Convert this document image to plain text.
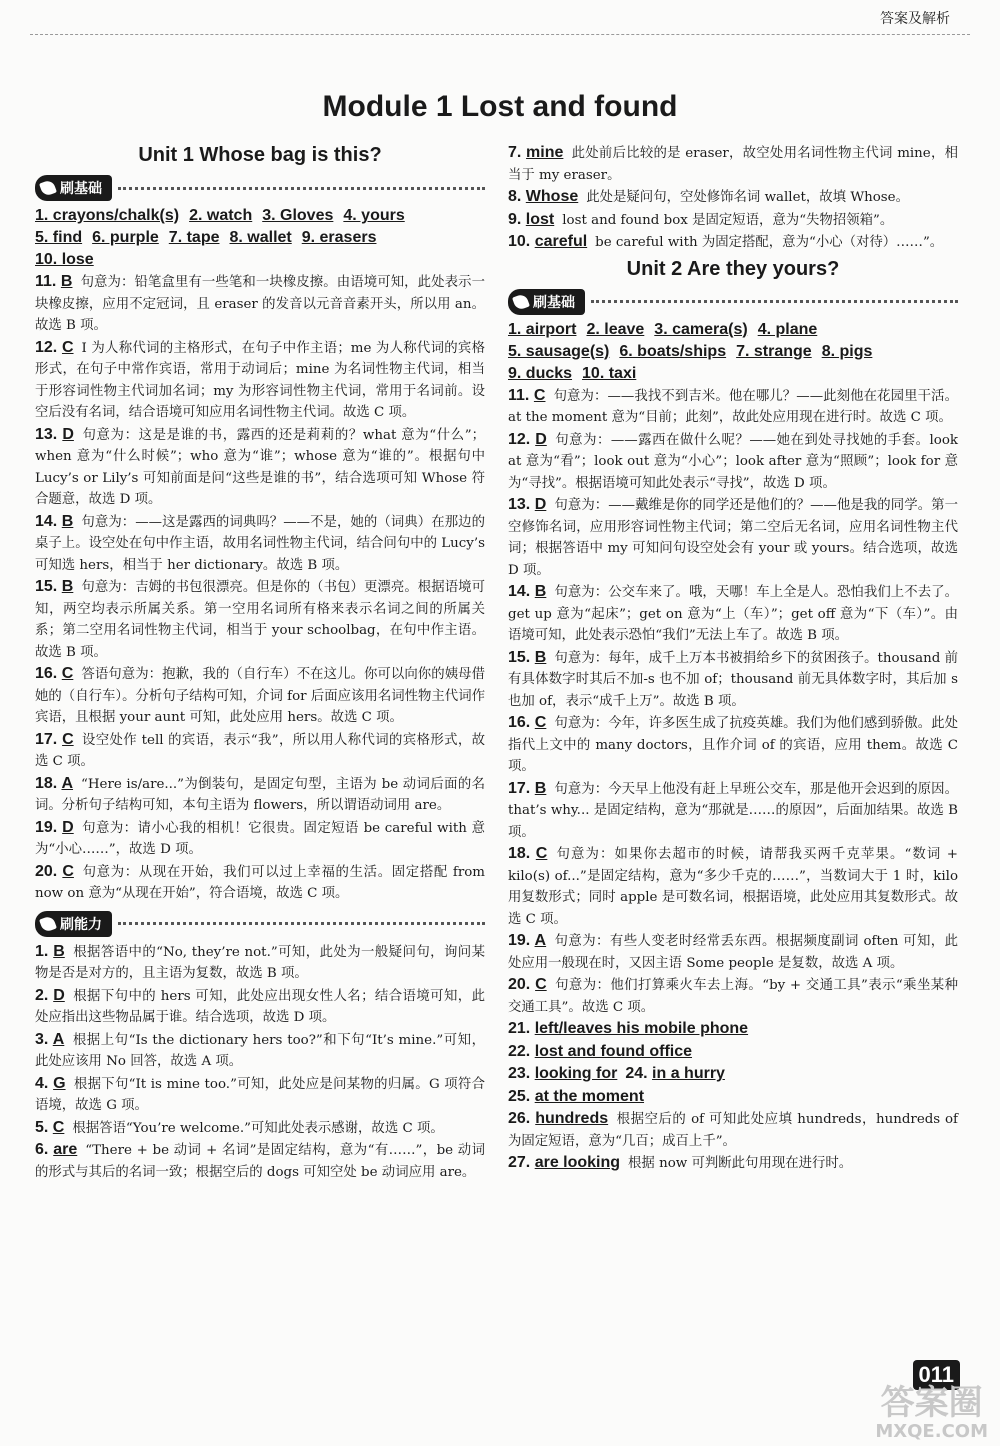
答案及解析
Module 1 Lost and found
Unit 1 Whose bag is this?
刷基础
1. crayons/chalk(s) 2. watch 3. Gloves 4. yours
5. find 6. purple 7. tape 8. wallet 9. erasers
10. lose
11. B 句意为：铅笔盒里有一些笔和一块橡皮擦。由语境可知，此处表示一块橡皮擦，应用不定冠词，且 eraser 的发音以元音音素开头，所以用 an。故选 B 项。
12. C I 为人称代词的主格形式，在句子中作主语；me 为人称代词的宾格形式，在句子中常作宾语，常用于动词后；mine 为名词性物主代词，相当于形容词性物主代词加名词；my 为形容词性物主代词，常用于名词前。设空后没有名词，结合语境可知应用名词性物主代词。故选 C 项。
13. D 句意为：这是是谁的书，露西的还是莉莉的？what 意为“什么”；when 意为“什么时候”；who 意为“谁”；whose 意为“谁的”。根据句中 Lucy’s or Lily’s 可知前面是问“这些是谁的书”，结合选项可知 Whose 符合题意，故选 D 项。
14. B 句意为：——这是露西的词典吗？——不是，她的（词典）在那边的桌子上。设空处在句中作主语，故用名词性物主代词，结合问句中的 Lucy’s 可知选 hers，相当于 her dictionary。故选 B 项。
15. B 句意为：吉姆的书包很漂亮。但是你的（书包）更漂亮。根据语境可知，两空均表示所属关系。第一空用名词所有格来表示名词之间的所属关系；第二空用名词性物主代词，相当于 your schoolbag，在句中作主语。故选 B 项。
16. C 答语句意为：抱歉，我的（自行车）不在这儿。你可以向你的姨母借她的（自行车）。分析句子结构可知，介词 for 后面应该用名词性物主代词作宾语，且根据 your aunt 可知，此处应用 hers。故选 C 项。
17. C 设空处作 tell 的宾语，表示“我”，所以用人称代词的宾格形式，故选 C 项。
18. A “Here is/are...”为倒装句，是固定句型，主语为 be 动词后面的名词。分析句子结构可知，本句主语为 flowers，所以谓语动词用 are。
19. D 句意为：请小心我的相机！它很贵。固定短语 be careful with 意为“小心……”，故选 D 项。
20. C 句意为：从现在开始，我们可以过上幸福的生活。固定搭配 from now on 意为“从现在开始”，符合语境，故选 C 项。
刷能力
1. B 根据答语中的“No, they’re not.”可知，此处为一般疑问句，询问某物是否是对方的，且主语为复数，故选 B 项。
2. D 根据下句中的 hers 可知，此处应出现女性人名；结合语境可知，此处应指出这些物品属于谁。结合选项，故选 D 项。
3. A 根据上句“Is the dictionary hers too?”和下句“It’s mine.”可知，此处应该用 No 回答，故选 A 项。
4. G 根据下句“It is mine too.”可知，此处应是问某物的归属。G 项符合语境，故选 G 项。
5. C 根据答语“You’re welcome.”可知此处表示感谢，故选 C 项。
6. are “There + be 动词 + 名词”是固定结构，意为“有……”，be 动词的形式与其后的名词一致；根据空后的 dogs 可知空处 be 动词应用 are。
7. mine 此处前后比较的是 eraser，故空处用名词性物主代词 mine，相当于 my eraser。
8. Whose 此处是疑问句，空处修饰名词 wallet，故填 Whose。
9. lost lost and found box 是固定短语，意为“失物招领箱”。
10. careful be careful with 为固定搭配，意为“小心（对待）……”。
Unit 2 Are they yours?
刷基础
1. airport 2. leave 3. camera(s) 4. plane
5. sausage(s) 6. boats/ships 7. strange 8. pigs
9. ducks 10. taxi
11. C 句意为：——我找不到吉米。他在哪儿？——此刻他在花园里干活。at the moment 意为“目前；此刻”，故此处应用现在进行时。故选 C 项。
12. D 句意为：——露西在做什么呢？——她在到处寻找她的手套。look at 意为“看”；look out 意为“小心”；look after 意为“照顾”；look for 意为“寻找”。根据语境可知此处表示“寻找”，故选 D 项。
13. D 句意为：——戴维是你的同学还是他们的？——他是我的同学。第一空修饰名词，应用形容词性物主代词；第二空后无名词，应用名词性物主代词；根据答语中 my 可知问句设空处会有 your 或 yours。结合选项，故选 D 项。
14. B 句意为：公交车来了。哦，天哪！车上全是人。恐怕我们上不去了。get up 意为“起床”；get on 意为“上（车）”；get off 意为“下（车）”。由语境可知，此处表示恐怕“我们”无法上车了。故选 B 项。
15. B 句意为：每年，成千上万本书被捐给乡下的贫困孩子。thousand 前有具体数字时其后不加-s 也不加 of；thousand 前无具体数字时，其后加 s 也加 of，表示“成千上万”。故选 B 项。
16. C 句意为：今年，许多医生成了抗疫英雄。我们为他们感到骄傲。此处指代上文中的 many doctors，且作介词 of 的宾语，应用 them。故选 C 项。
17. B 句意为：今天早上他没有赶上早班公交车，那是他开会迟到的原因。that’s why... 是固定结构，意为“那就是……的原因”，后面加结果。故选 B 项。
18. C 句意为：如果你去超市的时候，请帮我买两千克苹果。“数词 + kilo(s) of...”是固定结构，意为“多少千克的……”，当数词大于 1 时，kilo 用复数形式；同时 apple 是可数名词，根据语境，此处应用其复数形式。故选 C 项。
19. A 句意为：有些人变老时经常丢东西。根据频度副词 often 可知，此处应用一般现在时，又因主语 Some people 是复数，故选 A 项。
20. C 句意为：他们打算乘火车去上海。“by + 交通工具”表示“乘坐某种交通工具”。故选 C 项。
21. left/leaves his mobile phone
22. lost and found office
23. looking for 24. in a hurry
25. at the moment
26. hundreds 根据空后的 of 可知此处应填 hundreds，hundreds of 为固定短语，意为“几百；成百上千”。
27. are looking 根据 now 可判断此句用现在进行时。
011
答案圈
MXQE.COM
